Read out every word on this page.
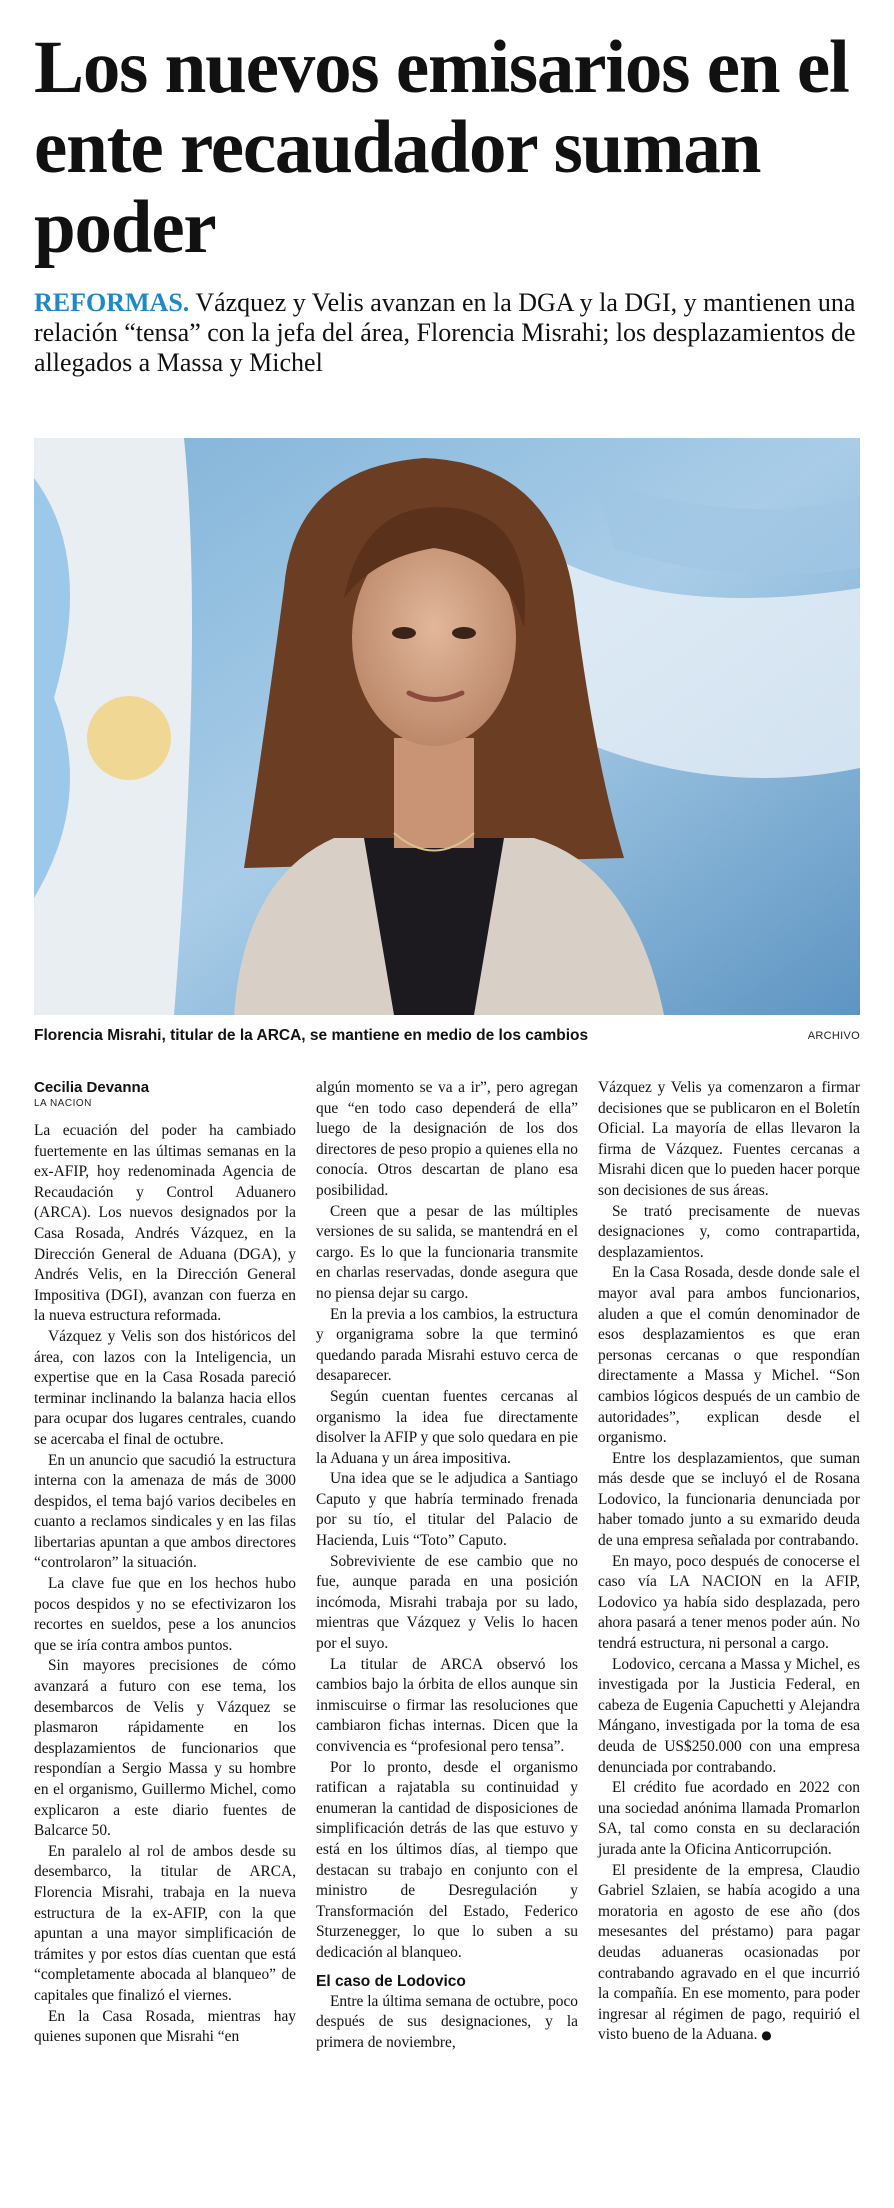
Los nuevos emisarios en el ente recaudador suman poder
REFORMAS. Vázquez y Velis avanzan en la DGA y la DGI, y mantienen una relación “tensa” con la jefa del área, Florencia Misrahi; los desplazamientos de allegados a Massa y Michel
Florencia Misrahi, titular de la ARCA, se mantiene en medio de los cambios	ARCHIVO
Cecilia Devanna
LA NACION

La ecuación del poder ha cambiado fuertemente en las últimas semanas en la ex-AFIP, hoy redenominada Agencia de Recaudación y Control Aduanero (ARCA). Los nuevos designados por la Casa Rosada, Andrés Vázquez, en la Dirección General de Aduana (DGA), y Andrés Velis, en la Dirección General Impositiva (DGI), avanzan con fuerza en la nueva estructura reformada.

Vázquez y Velis son dos históricos del área, con lazos con la Inteligencia, un expertise que en la Casa Rosada pareció terminar inclinando la balanza hacia ellos para ocupar dos lugares centrales, cuando se acercaba el final de octubre.

En un anuncio que sacudió la estructura interna con la amenaza de más de 3000 despidos, el tema bajó varios decibeles en cuanto a reclamos sindicales y en las filas libertarias apuntan a que ambos directores “controlaron” la situación.

La clave fue que en los hechos hubo pocos despidos y no se efectivizaron los recortes en sueldos, pese a los anuncios que se iría contra ambos puntos.

Sin mayores precisiones de cómo avanzará a futuro con ese tema, los desembarcos de Velis y Vázquez se plasmaron rápidamente en los desplazamientos de funcionarios que respondían a Sergio Massa y su hombre en el organismo, Guillermo Michel, como explicaron a este diario fuentes de Balcarce 50.

En paralelo al rol de ambos desde su desembarco, la titular de ARCA, Florencia Misrahi, trabaja en la nueva estructura de la ex-AFIP, con la que apuntan a una mayor simplificación de trámites y por estos días cuentan que está “completamente abocada al blanqueo” de capitales que finalizó el viernes.

En la Casa Rosada, mientras hay quienes suponen que Misrahi “en

algún momento se va a ir”, pero agregan que “en todo caso dependerá de ella” luego de la designación de los dos directores de peso propio a quienes ella no conocía. Otros descartan de plano esa posibilidad.

Creen que a pesar de las múltiples versiones de su salida, se mantendrá en el cargo. Es lo que la funcionaria transmite en charlas reservadas, donde asegura que no piensa dejar su cargo.

En la previa a los cambios, la estructura y organigrama sobre la que terminó quedando parada Misrahi estuvo cerca de desaparecer.

Según cuentan fuentes cercanas al organismo la idea fue directamente disolver la AFIP y que solo quedara en pie la Aduana y un área impositiva.

Una idea que se le adjudica a Santiago Caputo y que habría terminado frenada por su tío, el titular del Palacio de Hacienda, Luis “Toto” Caputo.

Sobreviviente de ese cambio que no fue, aunque parada en una posición incómoda, Misrahi trabaja por su lado, mientras que Vázquez y Velis lo hacen por el suyo.

La titular de ARCA observó los cambios bajo la órbita de ellos aunque sin inmiscuirse o firmar las resoluciones que cambiaron fichas internas. Dicen que la convivencia es “profesional pero tensa”.

Por lo pronto, desde el organismo ratifican a rajatabla su continuidad y enumeran la cantidad de disposiciones de simplificación detrás de las que estuvo y está en los últimos días, al tiempo que destacan su trabajo en conjunto con el ministro de Desregulación y Transformación del Estado, Federico Sturzenegger, lo que lo suben a su dedicación al blanqueo.

El caso de Lodovico

Entre la última semana de octubre, poco después de sus designaciones, y la primera de noviembre,

Vázquez y Velis ya comenzaron a firmar decisiones que se publicaron en el Boletín Oficial. La mayoría de ellas llevaron la firma de Vázquez. Fuentes cercanas a Misrahi dicen que lo pueden hacer porque son decisiones de sus áreas.

Se trató precisamente de nuevas designaciones y, como contrapartida, desplazamientos.

En la Casa Rosada, desde donde sale el mayor aval para ambos funcionarios, aluden a que el común denominador de esos desplazamientos es que eran personas cercanas o que respondían directamente a Massa y Michel. “Son cambios lógicos después de un cambio de autoridades”, explican desde el organismo.

Entre los desplazamientos, que suman más desde que se incluyó el de Rosana Lodovico, la funcionaria denunciada por haber tomado junto a su exmarido deuda de una empresa señalada por contrabando.

En mayo, poco después de conocerse el caso vía LA NACION en la AFIP, Lodovico ya había sido desplazada, pero ahora pasará a tener menos poder aún. No tendrá estructura, ni personal a cargo.

Lodovico, cercana a Massa y Michel, es investigada por la Justicia Federal, en cabeza de Eugenia Capuchetti y Alejandra Mángano, investigada por la toma de esa deuda de US$250.000 con una empresa denunciada por contrabando.

El crédito fue acordado en 2022 con una sociedad anónima llamada Promarlon SA, tal como consta en su declaración jurada ante la Oficina Anticorrupción.

El presidente de la empresa, Claudio Gabriel Szlaien, se había acogido a una moratoria en agosto de ese año (dos mesesantes del préstamo) para pagar deudas aduaneras ocasionadas por contrabando agravado en el que incurrió la compañía. En ese momento, para poder ingresar al régimen de pago, requirió el visto bueno de la Aduana. ●
